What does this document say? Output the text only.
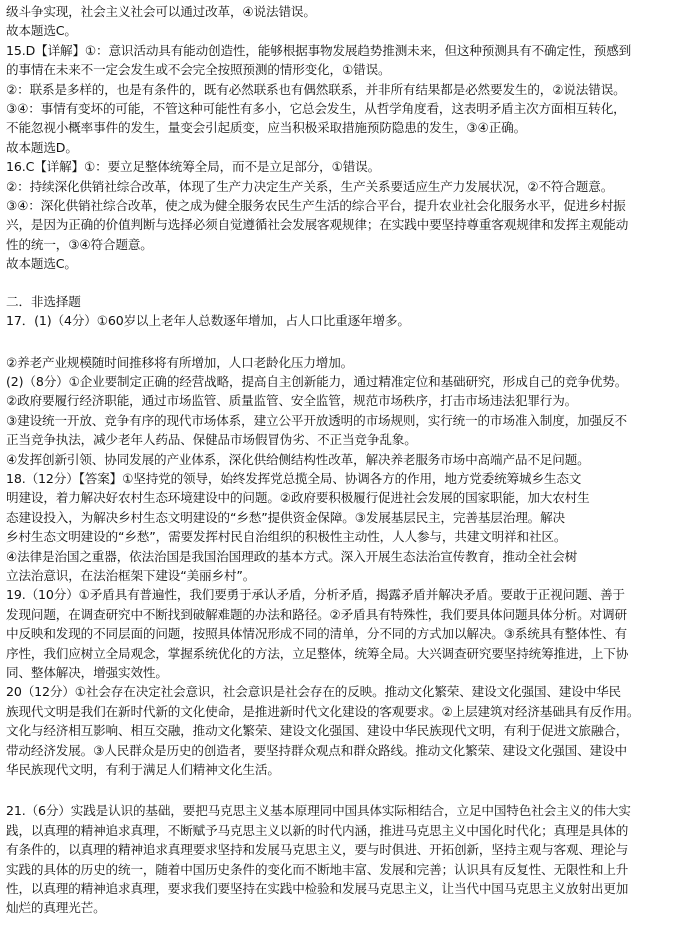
级斗争实现，社会主义社会可以通过改革，④说法错误。
故本题选C。
15.D【详解】①：意识活动具有能动创造性，能够根据事物发展趋势推测未来，但这种预测具有不确定性，预感到
的事情在未来不一定会发生或不会完全按照预测的情形变化，①错误。
②：联系是多样的，也是有条件的，既有必然联系也有偶然联系，并非所有结果都是必然要发生的，②说法错误。
③④：事情有变坏的可能，不管这种可能性有多小，它总会发生，从哲学角度看，这表明矛盾主次方面相互转化，
不能忽视小概率事件的发生，量变会引起质变，应当积极采取措施预防隐患的发生，③④正确。
故本题选D。
16.C【详解】①：要立足整体统筹全局，而不是立足部分，①错误。
②：持续深化供销社综合改革，体现了生产力决定生产关系，生产关系要适应生产力发展状况，②不符合题意。
③④：深化供销社综合改革，使之成为健全服务农民生产生活的综合平台，提升农业社会化服务水平，促进乡村振
兴，是因为正确的价值判断与选择必须自觉遵循社会发展客观规律；在实践中要坚持尊重客观规律和发挥主观能动
性的统一，③④符合题意。
故本题选C。
二．非选择题
17．(1)（4分）①60岁以上老年人总数逐年增加，占人口比重逐年增多。
②养老产业规模随时间推移将有所增加，人口老龄化压力增加。
(2)（8分）①企业要制定正确的经营战略，提高自主创新能力，通过精准定位和基础研究，形成自己的竞争优势。
②政府要履行经济职能，通过市场监管、质量监管、安全监管，规范市场秩序，打击市场违法犯罪行为。
③建设统一开放、竞争有序的现代市场体系，建立公平开放透明的市场规则，实行统一的市场准入制度，加强反不
正当竞争执法，减少老年人药品、保健品市场假冒伪劣、不正当竞争乱象。
④发挥创新引领、协同发展的产业体系，深化供给侧结构性改革，解决养老服务市场中高端产品不足问题。
18.（12分）【答案】①坚持党的领导，始终发挥党总揽全局、协调各方的作用，地方党委统筹城乡生态文
明建设，着力解决好农村生态环境建设中的问题。②政府要积极履行促进社会发展的国家职能，加大农村生
态建设投入，为解决乡村生态文明建设的“乡愁”提供资金保障。③发展基层民主，完善基层治理。解决
乡村生态文明建设的“乡愁”，需要发挥村民自治组织的积极性主动性，人人参与，共建文明祥和社区。
④法律是治国之重器，依法治国是我国治国理政的基本方式。深入开展生态法治宣传教育，推动全社会树
立法治意识，在法治框架下建设“美丽乡村”。
19.（10分）①矛盾具有普遍性，我们要勇于承认矛盾，分析矛盾，揭露矛盾并解决矛盾。要敢于正视问题、善于
发现问题，在调查研究中不断找到破解难题的办法和路径。②矛盾具有特殊性，我们要具体问题具体分析。对调研
中反映和发现的不同层面的问题，按照具体情况形成不同的清单，分不同的方式加以解决。③系统具有整体性、有
序性，我们应树立全局观念，掌握系统优化的方法，立足整体，统筹全局。大兴调查研究要坚持统筹推进，上下协
同、整体解决，增强实效性。
20（12分）①社会存在决定社会意识，社会意识是社会存在的反映。推动文化繁荣、建设文化强国、建设中华民
族现代文明是我们在新时代新的文化使命，是推进新时代文化建设的客观要求。②上层建筑对经济基础具有反作用。
文化与经济相互影响、相互交融，推动文化繁荣、建设文化强国、建设中华民族现代文明，有利于促进文旅融合，
带动经济发展。③人民群众是历史的创造者，要坚持群众观点和群众路线。推动文化繁荣、建设文化强国、建设中
华民族现代文明，有利于满足人们精神文化生活。
21.（6分）实践是认识的基础，要把马克思主义基本原理同中国具体实际相结合，立足中国特色社会主义的伟大实
践，以真理的精神追求真理，不断赋予马克思主义以新的时代内涵，推进马克思主义中国化时代化；真理是具体的
有条件的，以真理的精神追求真理要求坚持和发展马克思主义，要与时俱进、开拓创新，坚持主观与客观、理论与
实践的具体的历史的统一，随着中国历史条件的变化而不断地丰富、发展和完善；认识具有反复性、无限性和上升
性，以真理的精神追求真理，要求我们要坚持在实践中检验和发展马克思主义，让当代中国马克思主义放射出更加
灿烂的真理光芒。
